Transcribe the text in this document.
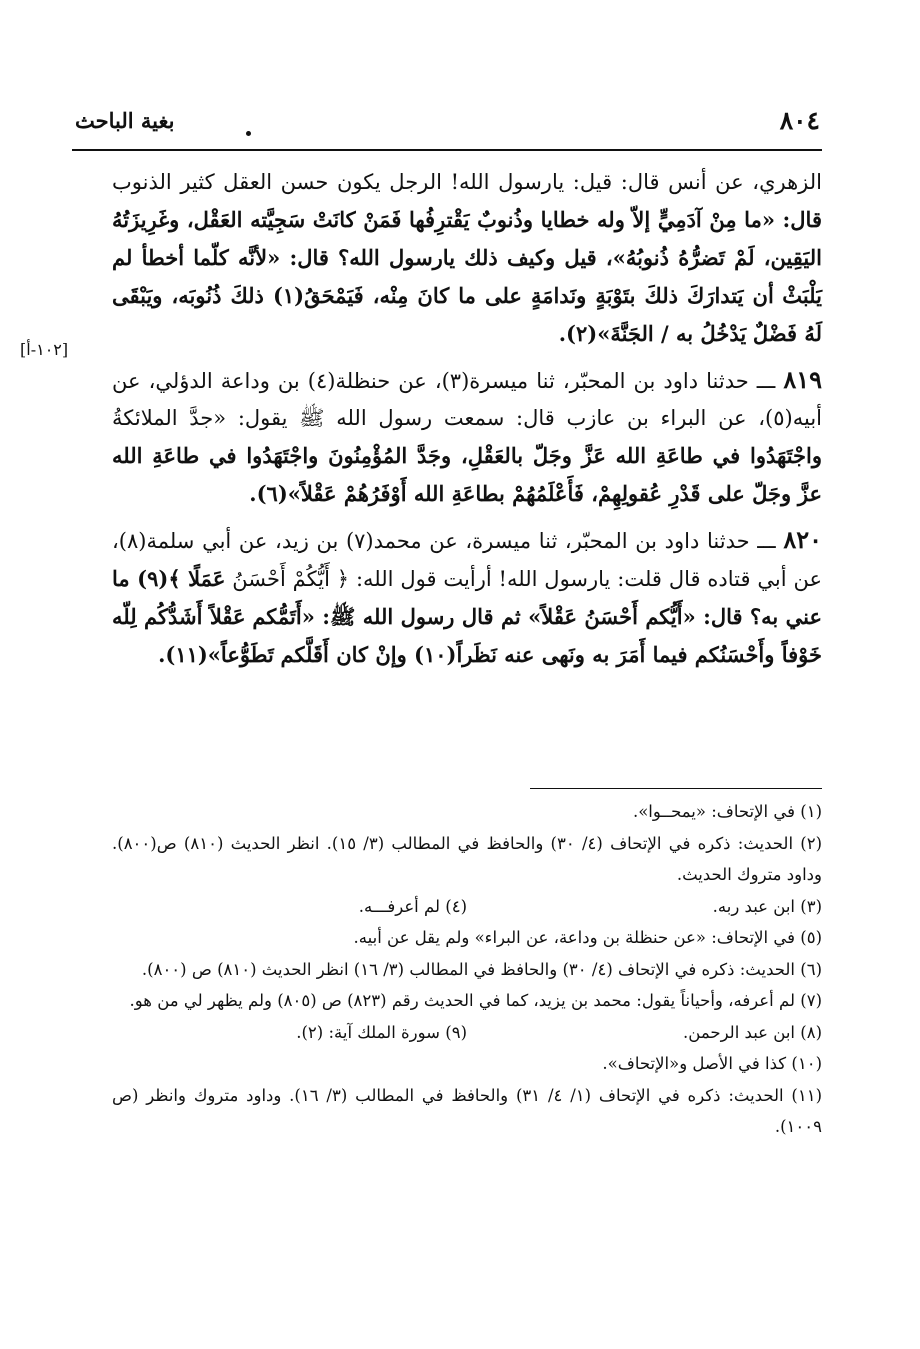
٨٠٤
بغية الباحث
[١٠٢-أ]

الزهري، عن أنس قال: قيل: يارسول الله! الرجل يكون حسن العقل كثير الذنوب قال: «ما مِنْ آدَمِيٍّ إلاّ وله خطايا وذُنوبٌ يَقْترِفُها فَمَنْ كانَتْ سَجِيَّته العَقْل، وغَرِيزَتُهُ اليَقِين، لَمْ تَضرُّهُ ذُنوبُهُ»، قيل وكيف ذلك يارسول الله؟ قال: «لأنَّه كلّما أخطأ لم يَلْبَثْ أن يَتدارَكَ ذلكَ بتَوْبَةٍ ونَدامَةٍ على ما كانَ مِنْه، فَيَمْحَقُ(١) ذلكَ ذُنُوبَه، ويَبْقَى لَهُ فَضْلٌ يَدْخُلُ به / الجَنَّةَ»(٢).

٨١٩ ـــ حدثنا داود بن المحبّر، ثنا ميسرة(٣)، عن حنظلة(٤) بن وداعة الدؤلي، عن أبيه(٥)، عن البراء بن عازب قال: سمعت رسول الله ﷺ يقول: «جدَّ الملائكةُ واجْتَهَدُوا في طاعَةِ الله عَزَّ وجَلّ بالعَقْلِ، وجَدَّ المُؤْمِنُونَ واجْتَهَدُوا في طاعَةِ الله عزَّ وجَلّ على قَدْرِ عُقولِهِمْ، فَأَعْلَمُهُمْ بطاعَةِ الله أَوْفَرُهُمْ عَقْلاً»(٦).

٨٢٠ ـــ حدثنا داود بن المحبّر، ثنا ميسرة، عن محمد(٧) بن زيد، عن أبي سلمة(٨)، عن أبي قتاده قال قلت: يارسول الله! أرأيت قول الله: ﴿ أَيُّكُمْ أَحْسَنُ عَمَلًا ﴾(٩) ما عني به؟ قال: «أَيُّكم أَحْسَنُ عَقْلاً» ثم قال رسول الله ﷺ: «أَتَمُّكم عَقْلاً أَشَدُّكُم لِلّه خَوْفاً وأَحْسَنُكم فيما أَمَرَ به ونَهى عنه نَظَراً(١٠) وإنْ كان أَقَلَّكم تَطَوُّعاً»(١١).

(١) في الإتحاف: «يمحــوا».

(٢) الحديث: ذكره في الإتحاف (٤/ ٣٠) والحافظ في المطالب (٣/ ١٥). انظر الحديث (٨١٠) ص(٨٠٠). وداود متروك الحديث.

(٣) ابن عبد ربه.
(٤) لم أعرفـــه.

(٥) في الإتحاف: «عن حنظلة بن وداعة، عن البراء» ولم يقل عن أبيه.

(٦) الحديث: ذكره في الإتحاف (٤/ ٣٠) والحافظ في المطالب (٣/ ١٦) انظر الحديث (٨١٠) ص (٨٠٠).

(٧) لم أعرفه، وأحياناً يقول: محمد بن يزيد، كما في الحديث رقم (٨٢٣) ص (٨٠٥) ولم يظهر لي من هو.

(٨) ابن عبد الرحمن.
(٩) سورة الملك آية: (٢).

(١٠) كذا في الأصل و«الإتحاف».

(١١) الحديث: ذكره في الإتحاف (١/ ٤/ ٣١) والحافظ في المطالب (٣/ ١٦). وداود متروك وانظر (ص ١٠٠٩).
